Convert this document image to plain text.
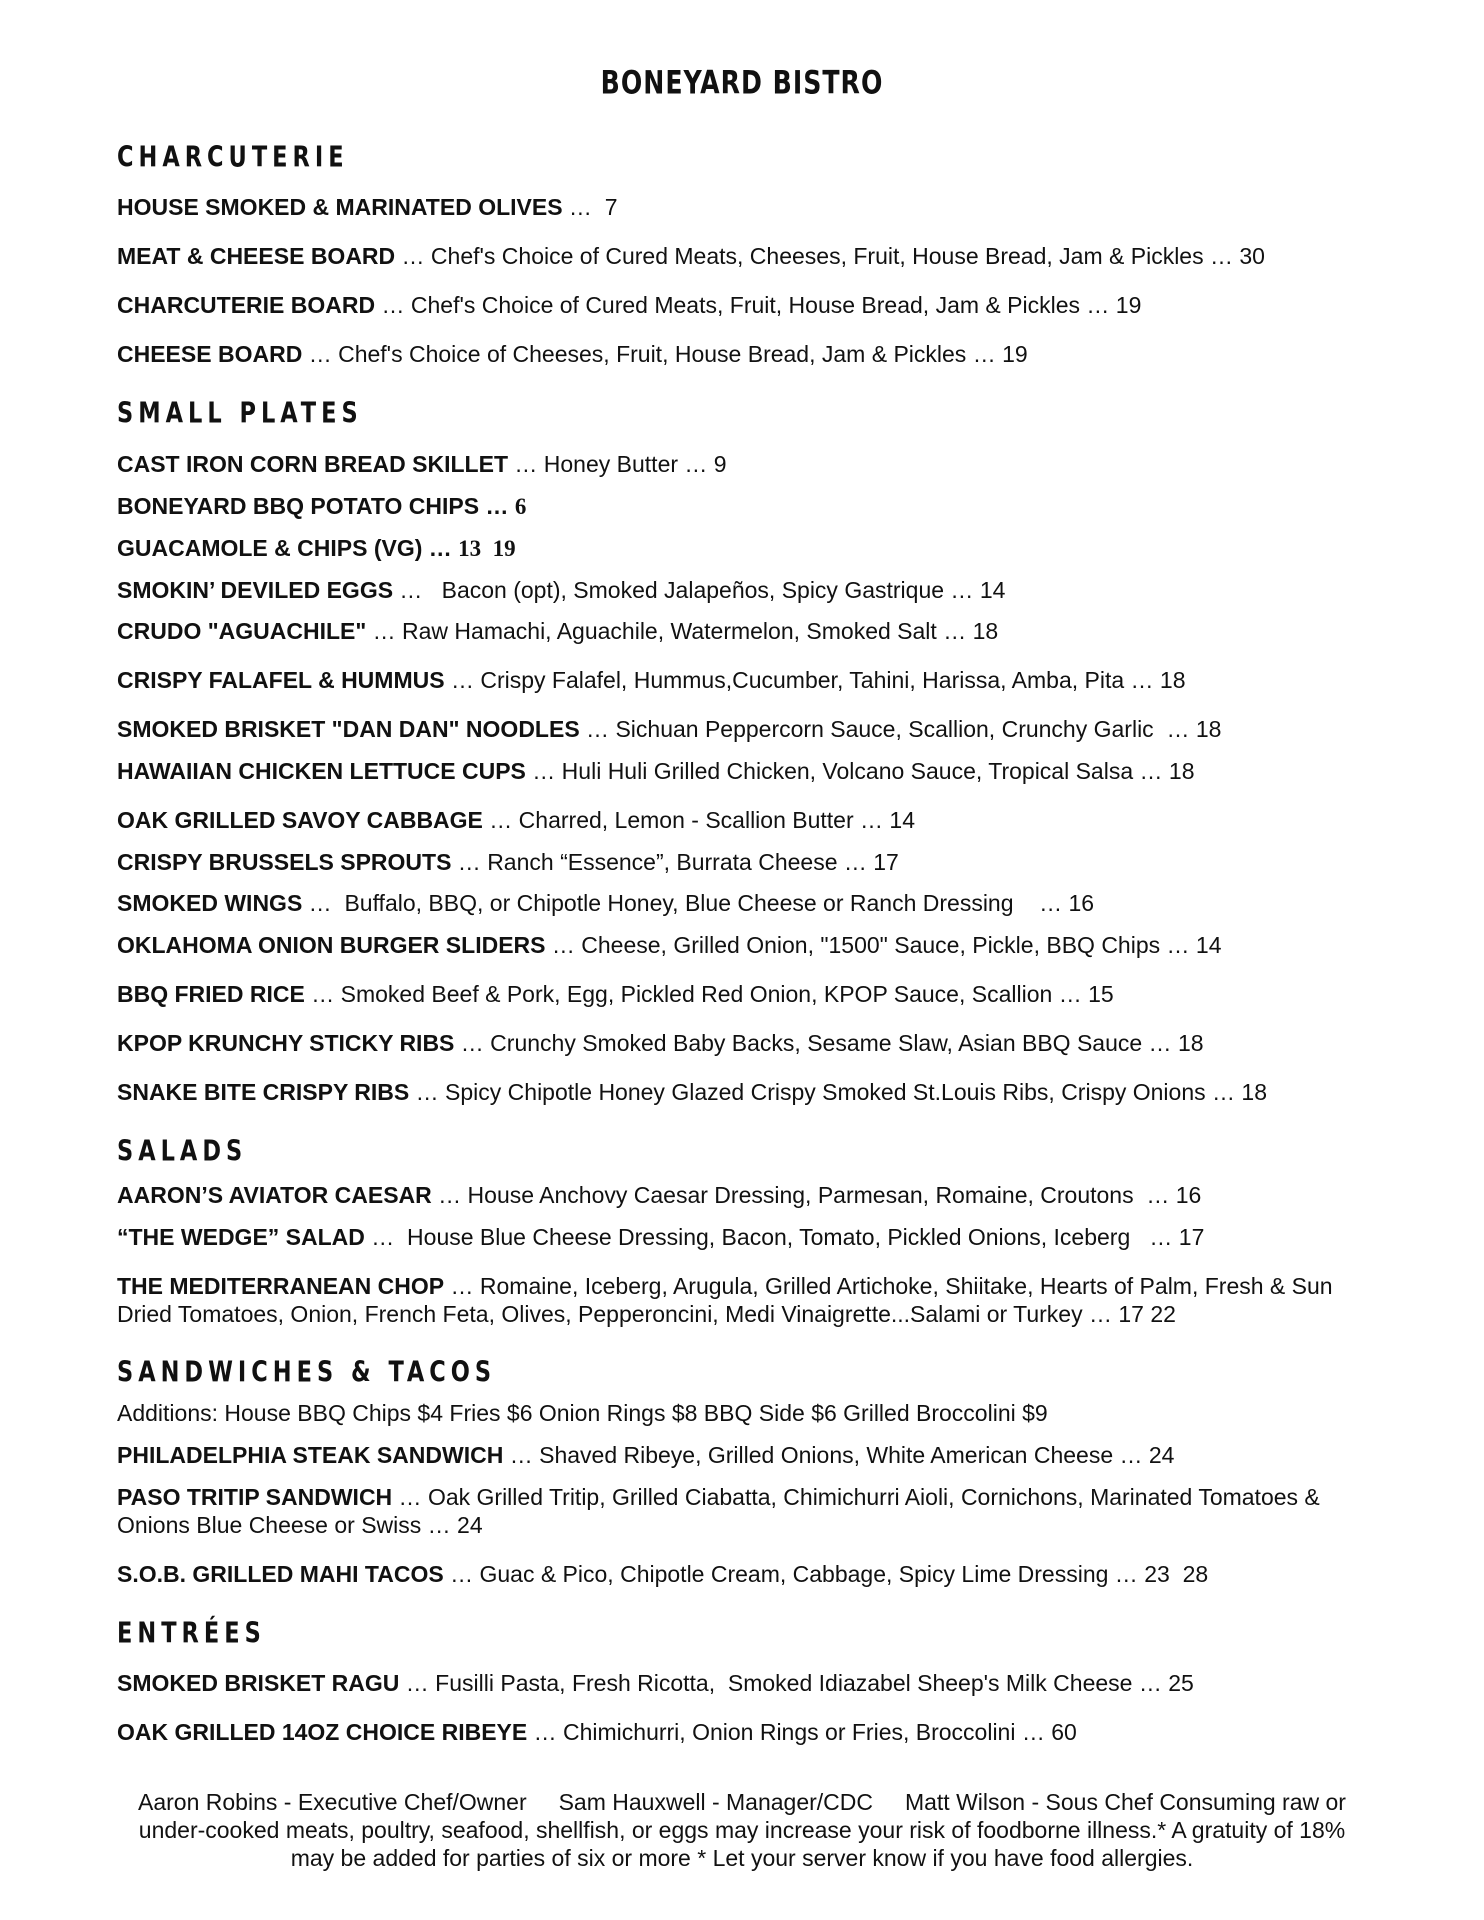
BONEYARD BISTRO
CHARCUTERIE
HOUSE SMOKED & MARINATED OLIVES …  7
MEAT & CHEESE BOARD … Chef's Choice of Cured Meats, Cheeses, Fruit, House Bread, Jam & Pickles … 30
CHARCUTERIE BOARD … Chef's Choice of Cured Meats, Fruit, House Bread, Jam & Pickles … 19
CHEESE BOARD … Chef's Choice of Cheeses, Fruit, House Bread, Jam & Pickles … 19
SMALL PLATES
CAST IRON CORN BREAD SKILLET … Honey Butter … 9
BONEYARD BBQ POTATO CHIPS … 6
GUACAMOLE & CHIPS (VG) … 13  19
SMOKIN’ DEVILED EGGS …   Bacon (opt), Smoked Jalapeños, Spicy Gastrique … 14
CRUDO "AGUACHILE" … Raw Hamachi, Aguachile, Watermelon, Smoked Salt … 18
CRISPY FALAFEL & HUMMUS … Crispy Falafel, Hummus,Cucumber, Tahini, Harissa, Amba, Pita … 18
SMOKED BRISKET "DAN DAN" NOODLES … Sichuan Peppercorn Sauce, Scallion, Crunchy Garlic  … 18
HAWAIIAN CHICKEN LETTUCE CUPS … Huli Huli Grilled Chicken, Volcano Sauce, Tropical Salsa … 18
OAK GRILLED SAVOY CABBAGE … Charred, Lemon - Scallion Butter … 14
CRISPY BRUSSELS SPROUTS … Ranch “Essence”, Burrata Cheese … 17
SMOKED WINGS …  Buffalo, BBQ, or Chipotle Honey, Blue Cheese or Ranch Dressing    … 16
OKLAHOMA ONION BURGER SLIDERS … Cheese, Grilled Onion, "1500" Sauce, Pickle, BBQ Chips … 14
BBQ FRIED RICE … Smoked Beef & Pork, Egg, Pickled Red Onion, KPOP Sauce, Scallion … 15
KPOP KRUNCHY STICKY RIBS … Crunchy Smoked Baby Backs, Sesame Slaw, Asian BBQ Sauce … 18
SNAKE BITE CRISPY RIBS … Spicy Chipotle Honey Glazed Crispy Smoked St.Louis Ribs, Crispy Onions … 18
SALADS
AARON’S AVIATOR CAESAR … House Anchovy Caesar Dressing, Parmesan, Romaine, Croutons  … 16
“THE WEDGE” SALAD …  House Blue Cheese Dressing, Bacon, Tomato, Pickled Onions, Iceberg   … 17
THE MEDITERRANEAN CHOP … Romaine, Iceberg, Arugula, Grilled Artichoke, Shiitake, Hearts of Palm, Fresh & Sun Dried Tomatoes, Onion, French Feta, Olives, Pepperoncini, Medi Vinaigrette...Salami or Turkey … 17 22
SANDWICHES & TACOS
Additions: House BBQ Chips $4 Fries $6 Onion Rings $8 BBQ Side $6 Grilled Broccolini $9
PHILADELPHIA STEAK SANDWICH … Shaved Ribeye, Grilled Onions, White American Cheese … 24
PASO TRITIP SANDWICH … Oak Grilled Tritip, Grilled Ciabatta, Chimichurri Aioli, Cornichons, Marinated Tomatoes & Onions Blue Cheese or Swiss … 24
S.O.B. GRILLED MAHI TACOS … Guac & Pico, Chipotle Cream, Cabbage, Spicy Lime Dressing … 23  28
ENTRÉES
SMOKED BRISKET RAGU … Fusilli Pasta, Fresh Ricotta,  Smoked Idiazabel Sheep's Milk Cheese … 25
OAK GRILLED 14OZ CHOICE RIBEYE … Chimichurri, Onion Rings or Fries, Broccolini … 60
Aaron Robins - Executive Chef/Owner     Sam Hauxwell - Manager/CDC     Matt Wilson - Sous Chef Consuming raw or under-cooked meats, poultry, seafood, shellfish, or eggs may increase your risk of foodborne illness.* A gratuity of 18% may be added for parties of six or more * Let your server know if you have food allergies.
